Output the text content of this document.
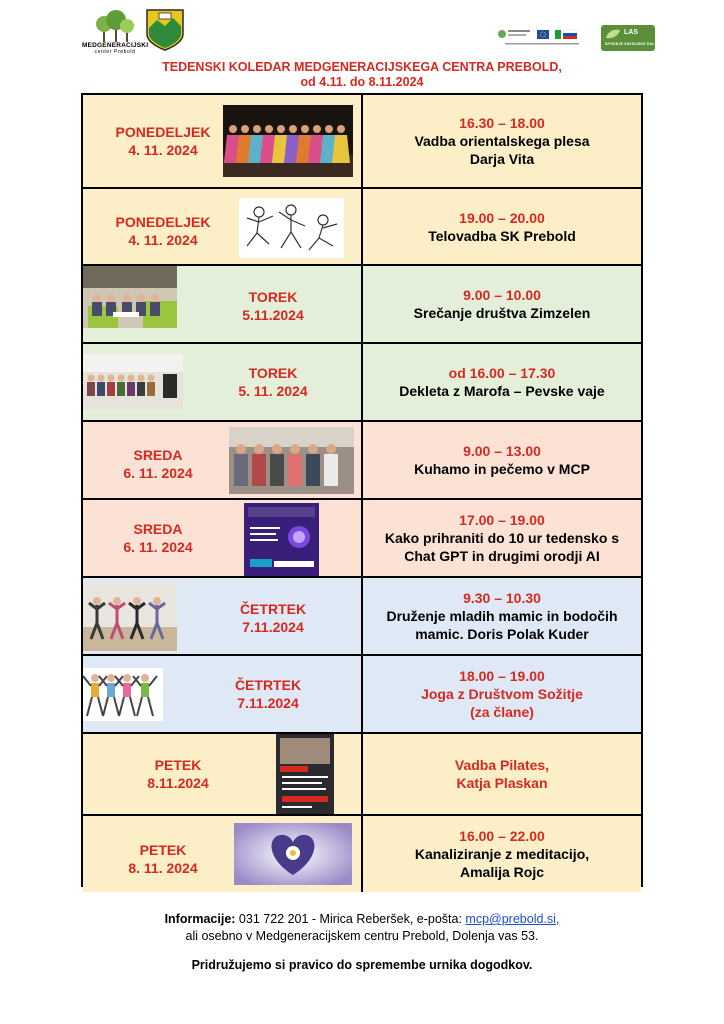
MEDGENERACIJSKI
center Prebold
LAS
SPODNJE SAVINJSKE DOLINE
TEDENSKI KOLEDAR MEDGENERACIJSKEGA CENTRA PREBOLD,
od 4.11. do 8.11.2024
PONEDELJEK
4. 11. 2024
16.30 – 18.00
Vadba orientalskega plesa
Darja Vita
PONEDELJEK
4. 11. 2024
19.00 – 20.00
Telovadba SK Prebold
TOREK
5.11.2024
9.00 – 10.00
Srečanje društva Zimzelen
TOREK
5. 11. 2024
od 16.00 – 17.30
Dekleta z Marofa – Pevske vaje
SREDA
6. 11. 2024
9.00 – 13.00
Kuhamo in pečemo v MCP
SREDA
6. 11. 2024
17.00 – 19.00
Kako prihraniti do 10 ur tedensko s
Chat GPT in drugimi orodji AI
ČETRTEK
7.11.2024
9.30 – 10.30
Druženje mladih mamic in bodočih
mamic. Doris Polak Kuder
ČETRTEK
7.11.2024
18.00 – 19.00
Joga z Društvom Sožitje
(za člane)
PETEK
8.11.2024
Vadba Pilates,
Katja Plaskan
PETEK
8. 11. 2024
16.00 – 22.00
Kanaliziranje z meditacijo,
Amalija Rojc
Informacije: 031 722 201 - Mirica Reberšek, e-pošta: mcp@prebold.si,
ali osebno v Medgeneracijskem centru Prebold, Dolenja vas 53.
Pridružujemo si pravico do spremembe urnika dogodkov.
